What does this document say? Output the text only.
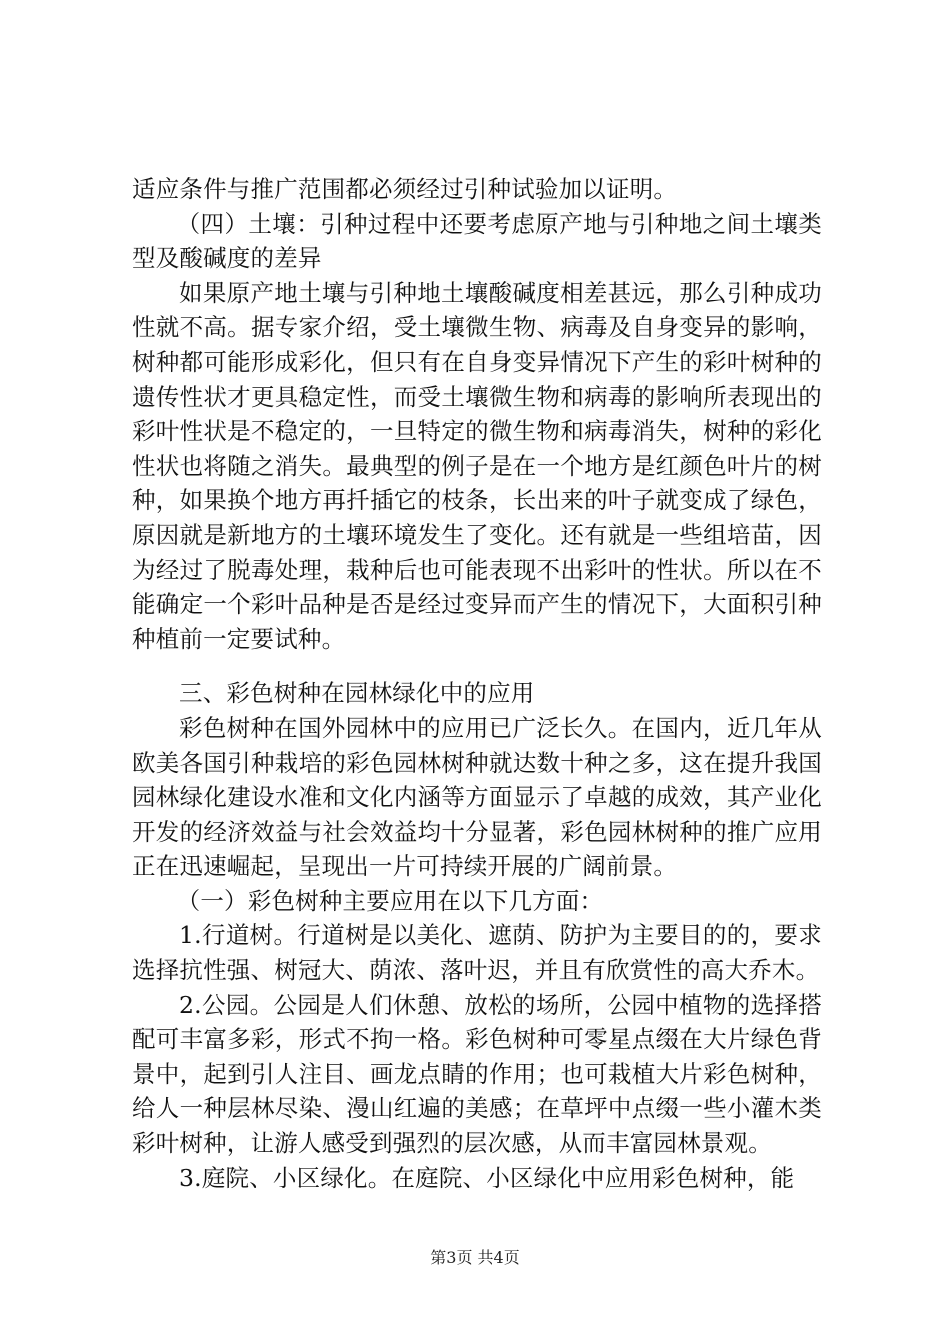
适应条件与推广范围都必须经过引种试验加以证明。

（四）土壤：引种过程中还要考虑原产地与引种地之间土壤类型及酸碱度的差异

如果原产地土壤与引种地土壤酸碱度相差甚远，那么引种成功性就不高。据专家介绍，受土壤微生物、病毒及自身变异的影响，树种都可能形成彩化，但只有在自身变异情况下产生的彩叶树种的遗传性状才更具稳定性，而受土壤微生物和病毒的影响所表现出的彩叶性状是不稳定的，一旦特定的微生物和病毒消失，树种的彩化性状也将随之消失。最典型的例子是在一个地方是红颜色叶片的树种，如果换个地方再扦插它的枝条，长出来的叶子就变成了绿色，原因就是新地方的土壤环境发生了变化。还有就是一些组培苗，因为经过了脱毒处理，栽种后也可能表现不出彩叶的性状。所以在不能确定一个彩叶品种是否是经过变异而产生的情况下，大面积引种种植前一定要试种。

三、彩色树种在园林绿化中的应用

彩色树种在国外园林中的应用已广泛长久。在国内，近几年从欧美各国引种栽培的彩色园林树种就达数十种之多，这在提升我国园林绿化建设水准和文化内涵等方面显示了卓越的成效，其产业化开发的经济效益与社会效益均十分显著，彩色园林树种的推广应用正在迅速崛起，呈现出一片可持续开展的广阔前景。

（一）彩色树种主要应用在以下几方面：

1.行道树。行道树是以美化、遮荫、防护为主要目的的，要求选择抗性强、树冠大、荫浓、落叶迟，并且有欣赏性的高大乔木。

2.公园。公园是人们休憩、放松的场所，公园中植物的选择搭配可丰富多彩，形式不拘一格。彩色树种可零星点缀在大片绿色背景中，起到引人注目、画龙点睛的作用；也可栽植大片彩色树种，给人一种层林尽染、漫山红遍的美感；在草坪中点缀一些小灌木类彩叶树种，让游人感受到强烈的层次感，从而丰富园林景观。

3.庭院、小区绿化。在庭院、小区绿化中应用彩色树种，能

第3页 共4页
